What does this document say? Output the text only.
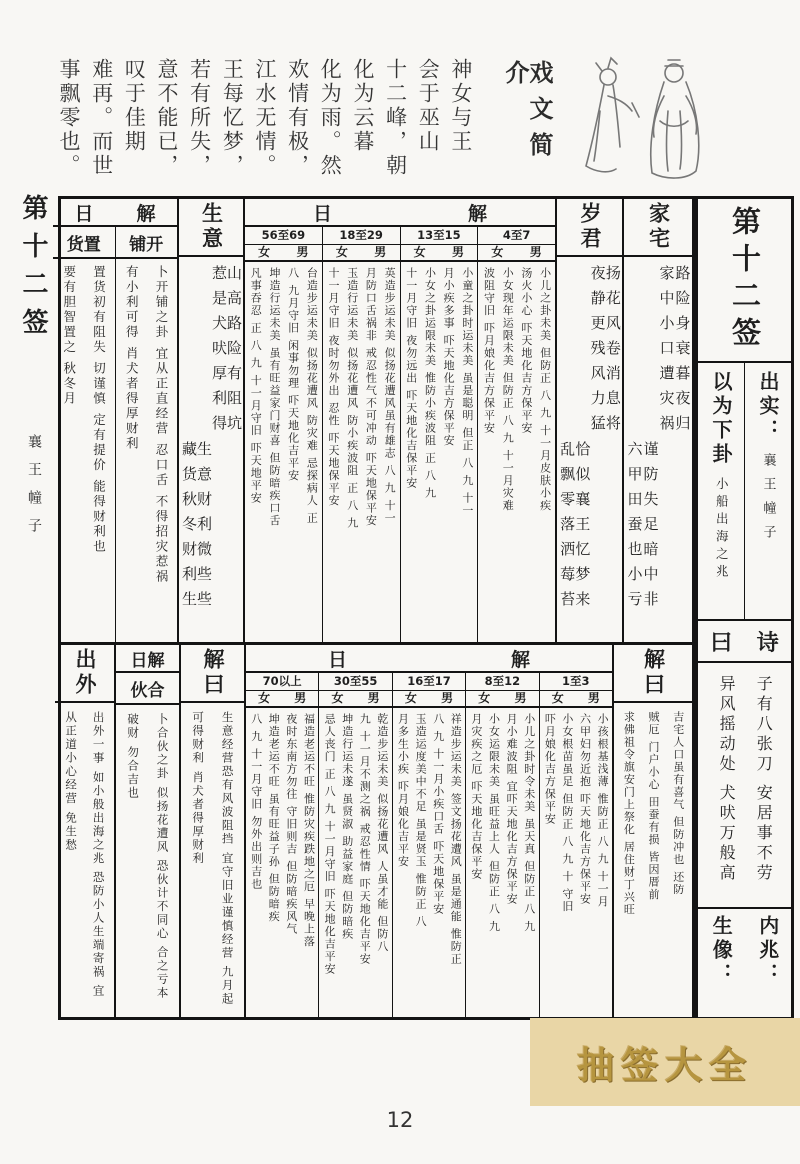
神女与王

会于巫山

十二峰，朝

化为云暮

化为雨。然

欢情有极，

江水无情。

王每忆梦，

若有所失，

意不能已，

叹于佳期

难再。而世

事飘零也。	戏文简介
第十二签
襄王幢子
家宅

路险身衰暮夜归

家中小口遭灾祸

谨防失足暗中非

六甲田蚕也小亏

岁君

扬花风卷消息将

夜静更残风力猛

恰似襄王忆梦来

乱飘零落洒莓苔

解
日
4至7
男
女

小儿之卦未美 但防正 八 九 十一月皮肤小疾

汤火小心 吓天地化吉方保平安

小女现年运限未美 但防正 八 九 十一月灾难

波阻守旧 吓月娘化吉方保平安

13至15
男
女

小童之卦时运未美 虽是聪明 但正 八 九 十一

月小疾多事 吓天地化吉方保平安

小女之卦运限未美 惟防小疾波阻 正 八 九

十一月守旧 夜勿远出 吓天地化吉保平安

18至29
男
女

英造步运未美 似扬花遭风虽有雄志 八 九 十一

月防口舌祸非 戒忍性气不可冲动 吓天地保平安

玉造行运未美 似扬花遭风 防小疾波阻 正 八 九

十一月守旧 夜时勿外出 忍性 吓天地保平安

56至69
男
女

台造步运未美 似扬花遭风 防灾难 忌探病人 正

八 九月守旧 闲事勿理 吓天地化吉平安

坤造行运未美 虽有旺益家门财喜 但防暗疾口舌

凡事吞忍 正 八 九 十一月守旧 吓天地平安

生意

山高路险有阻坑

惹是犬吠厚利得

生意财利微些些

藏货秋冬财利生

解
日
铺开
货置

卜开铺之卦 宜从正直经营 忍口舌 不得招灾惹祸

有小利可得 肖犬者得厚财利

置货初有阻失 切谨慎 定有提价 能得财利也

要有胆智置之 秋冬月

解曰

吉宅人口虽有喜气 但防冲也 还防

贼厄 门户小心 田蚕有损 皆因厝前

求佛祖令旗安门上祭化 居住财丁兴旺

解
日
1至3
男
女

小孩根基浅薄 惟防正 八 九 十一月

六甲妇勿近抱 吓天地化吉方保平安

小女根苗虽足 但防正 八 九 十 守旧

吓月娘化吉方保平安

8至12
男
女

小儿之卦时令未美 虽天真 但防正 八 九

月小难波阻 宜吓天地化吉方保平安

小女运限未美 虽旺益上人 但防正 八 九

月灾疾之厄 吓天地化吉保平安

16至17
男
女

祥造步运未美 签文扬花遭风 虽是通能 惟防正

八 九 十一月小疾口舌 吓天地保平安

玉造运度美中不足 虽是贤玉 惟防正 八

月多生小疾 吓月娘化吉平安

30至55
男
女

乾造步运未美 似扬花遭风 人虽才能 但防八

九 十一月不测之祸 戒忍性情 吓天地化吉平安

坤造行运未遂 虽贤淑 助益家庭 但防暗疾

忌人丧门 正 八 九 十一月守旧 吓天地化吉平安

70以上
男
女

福造老运不旺 惟防灾疾跌地之厄 早晚上落

夜时东南方勿往 守旧则吉 但防暗疾风气

坤造老运不旺 虽有旺益子孙 但防暗疾

八 九 十一月守旧 勿外出则吉也

解曰

生意经营恐有风波阻挡 宜守旧业谨慎经营 九月起

可得财利 肖犬者得厚财利

日解
伙合

卜合伙之卦 似扬花遭风 恐伙计不同心 合之亏本

破财 勿合吉也

出外

出外一事 如小般出海之兆 恐防小人生端寄祸 宜

从正道小心经营 免生愁

第十二签
出实：
襄王幢子
以为下卦
小船出海之兆
诗
曰

子有八张刀 安居事不劳

异风摇动处 犬吠万般高

内兆：
生像：
抽签大全
12
